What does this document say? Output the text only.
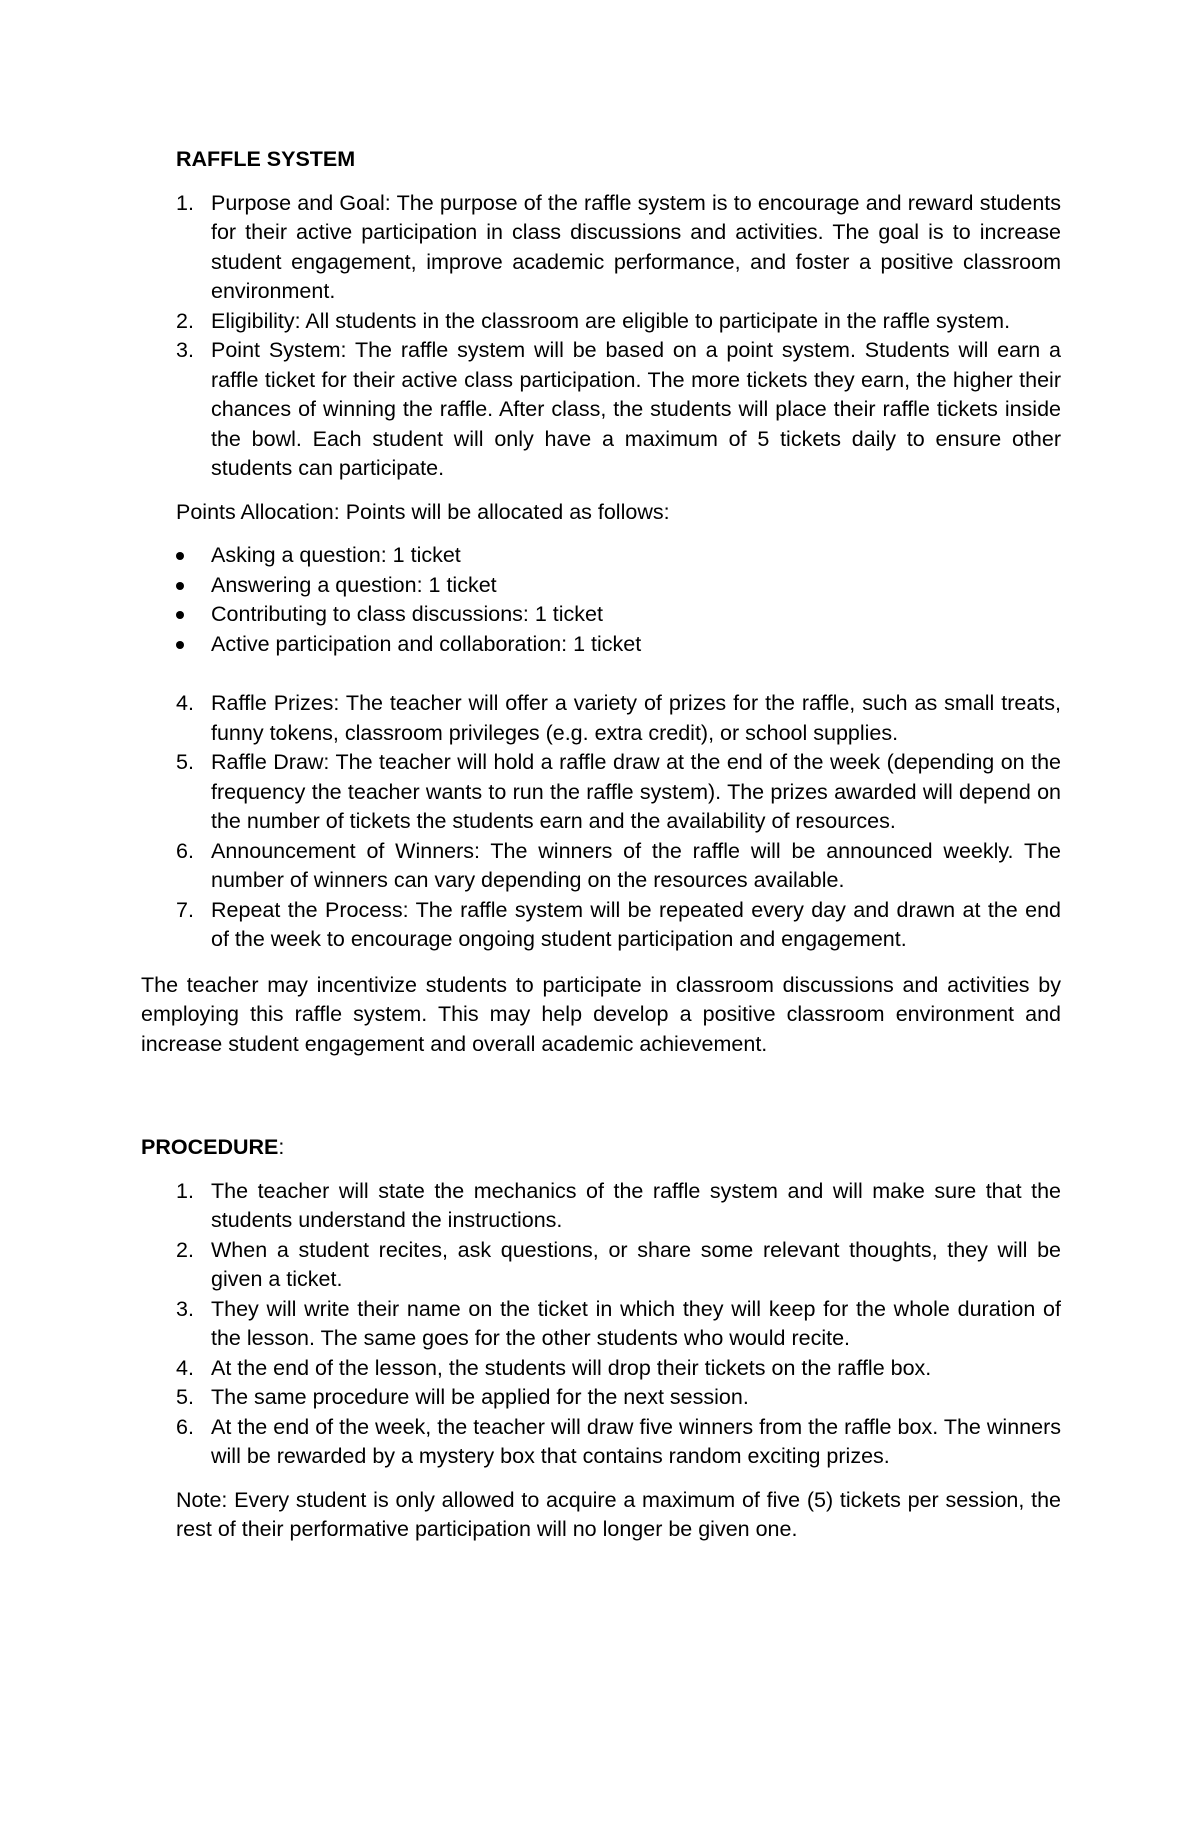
RAFFLE SYSTEM

1. Purpose and Goal: The purpose of the raffle system is to encourage and reward students for their active participation in class discussions and activities. The goal is to increase student engagement, improve academic performance, and foster a positive classroom environment.
2. Eligibility: All students in the classroom are eligible to participate in the raffle system.
3. Point System: The raffle system will be based on a point system. Students will earn a raffle ticket for their active class participation. The more tickets they earn, the higher their chances of winning the raffle. After class, the students will place their raffle tickets inside the bowl. Each student will only have a maximum of 5 tickets daily to ensure other students can participate.

Points Allocation: Points will be allocated as follows:

Asking a question: 1 ticket
Answering a question: 1 ticket
Contributing to class discussions: 1 ticket
Active participation and collaboration: 1 ticket
4. Raffle Prizes: The teacher will offer a variety of prizes for the raffle, such as small treats, funny tokens, classroom privileges (e.g. extra credit), or school supplies.
5. Raffle Draw: The teacher will hold a raffle draw at the end of the week (depending on the frequency the teacher wants to run the raffle system). The prizes awarded will depend on the number of tickets the students earn and the availability of resources.
6. Announcement of Winners: The winners of the raffle will be announced weekly. The number of winners can vary depending on the resources available.
7. Repeat the Process: The raffle system will be repeated every day and drawn at the end of the week to encourage ongoing student participation and engagement.

The teacher may incentivize students to participate in classroom discussions and activities by employing this raffle system. This may help develop a positive classroom environment and increase student engagement and overall academic achievement.

PROCEDURE:

1. The teacher will state the mechanics of the raffle system and will make sure that the students understand the instructions.
2. When a student recites, ask questions, or share some relevant thoughts, they will be given a ticket.
3. They will write their name on the ticket in which they will keep for the whole duration of the lesson. The same goes for the other students who would recite.
4. At the end of the lesson, the students will drop their tickets on the raffle box.
5. The same procedure will be applied for the next session.
6. At the end of the week, the teacher will draw five winners from the raffle box. The winners will be rewarded by a mystery box that contains random exciting prizes.

Note: Every student is only allowed to acquire a maximum of five (5) tickets per session, the rest of their performative participation will no longer be given one.
